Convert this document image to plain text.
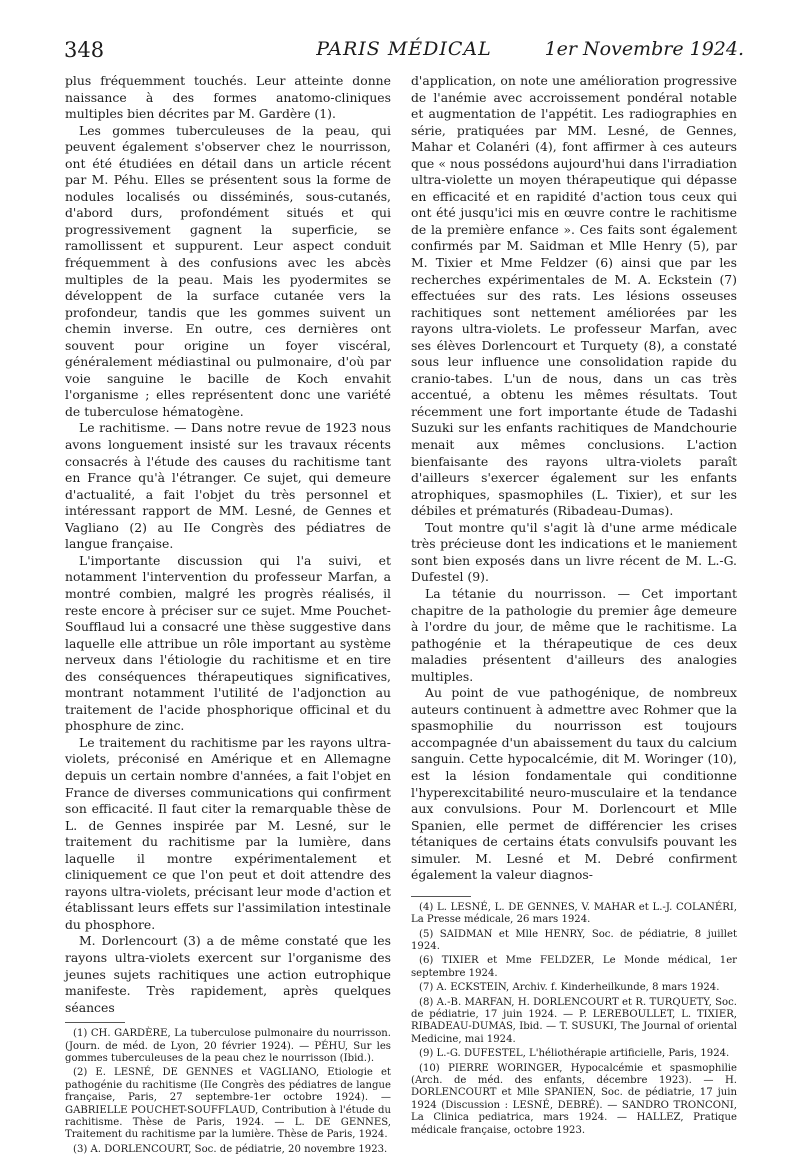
348	PARIS MÉDICAL	1er Novembre 1924.

plus fréquemment touchés. Leur atteinte donne naissance à des formes anatomo-cliniques multiples bien décrites par M. Gardère (1).

Les gommes tuberculeuses de la peau, qui peuvent également s'observer chez le nourrisson, ont été étudiées en détail dans un article récent par M. Péhu. Elles se présentent sous la forme de nodules localisés ou disséminés, sous-cutanés, d'abord durs, profondément situés et qui progressivement gagnent la superficie, se ramollissent et suppurent. Leur aspect conduit fréquemment à des confusions avec les abcès multiples de la peau. Mais les pyodermites se développent de la surface cutanée vers la profondeur, tandis que les gommes suivent un chemin inverse. En outre, ces dernières ont souvent pour origine un foyer viscéral, généralement médiastinal ou pulmonaire, d'où par voie sanguine le bacille de Koch envahit l'organisme ; elles représentent donc une variété de tuberculose hématogène.

Le rachitisme. — Dans notre revue de 1923 nous avons longuement insisté sur les travaux récents consacrés à l'étude des causes du rachitisme tant en France qu'à l'étranger. Ce sujet, qui demeure d'actualité, a fait l'objet du très personnel et intéressant rapport de MM. Lesné, de Gennes et Vagliano (2) au IIe Congrès des pédiatres de langue française.

L'importante discussion qui l'a suivi, et notamment l'intervention du professeur Marfan, a montré combien, malgré les progrès réalisés, il reste encore à préciser sur ce sujet. Mme Pouchet-Soufflaud lui a consacré une thèse suggestive dans laquelle elle attribue un rôle important au système nerveux dans l'étiologie du rachitisme et en tire des conséquences thérapeutiques significatives, montrant notamment l'utilité de l'adjonction au traitement de l'acide phosphorique officinal et du phosphure de zinc.

Le traitement du rachitisme par les rayons ultra-violets, préconisé en Amérique et en Allemagne depuis un certain nombre d'années, a fait l'objet en France de diverses communications qui confirment son efficacité. Il faut citer la remarquable thèse de L. de Gennes inspirée par M. Lesné, sur le traitement du rachitisme par la lumière, dans laquelle il montre expérimentalement et cliniquement ce que l'on peut et doit attendre des rayons ultra-violets, précisant leur mode d'action et établissant leurs effets sur l'assimilation intestinale du phosphore.

M. Dorlencourt (3) a de même constaté que les rayons ultra-violets exercent sur l'organisme des jeunes sujets rachitiques une action eutrophique manifeste. Très rapidement, après quelques séances

(1) CH. GARDÈRE, La tuberculose pulmonaire du nourrisson. (Journ. de méd. de Lyon, 20 février 1924). — PÉHU, Sur les gommes tuberculeuses de la peau chez le nourrisson (Ibid.).

(2) E. LESNÉ, DE GENNES et VAGLIANO, Etiologie et pathogénie du rachitisme (IIe Congrès des pédiatres de langue française, Paris, 27 septembre-1er octobre 1924). — GABRIELLE POUCHET-SOUFFLAUD, Contribution à l'étude du rachitisme. Thèse de Paris, 1924. — L. DE GENNES, Traitement du rachitisme par la lumière. Thèse de Paris, 1924.

(3) A. DORLENCOURT, Soc. de pédiatrie, 20 novembre 1923.

d'application, on note une amélioration progressive de l'anémie avec accroissement pondéral notable et augmentation de l'appétit. Les radiographies en série, pratiquées par MM. Lesné, de Gennes, Mahar et Colanéri (4), font affirmer à ces auteurs que « nous possédons aujourd'hui dans l'irradiation ultra-violette un moyen thérapeutique qui dépasse en efficacité et en rapidité d'action tous ceux qui ont été jusqu'ici mis en œuvre contre le rachitisme de la première enfance ». Ces faits sont également confirmés par M. Saidman et Mlle Henry (5), par M. Tixier et Mme Feldzer (6) ainsi que par les recherches expérimentales de M. A. Eckstein (7) effectuées sur des rats. Les lésions osseuses rachitiques sont nettement améliorées par les rayons ultra-violets. Le professeur Marfan, avec ses élèves Dorlencourt et Turquety (8), a constaté sous leur influence une consolidation rapide du cranio-tabes. L'un de nous, dans un cas très accentué, a obtenu les mêmes résultats. Tout récemment une fort importante étude de Tadashi Suzuki sur les enfants rachitiques de Mandchourie menait aux mêmes conclusions. L'action bienfaisante des rayons ultra-violets paraît d'ailleurs s'exercer également sur les enfants atrophiques, spasmophiles (L. Tixier), et sur les débiles et prématurés (Ribadeau-Dumas).

Tout montre qu'il s'agit là d'une arme médicale très précieuse dont les indications et le maniement sont bien exposés dans un livre récent de M. L.-G. Dufestel (9).

La tétanie du nourrisson. — Cet important chapitre de la pathologie du premier âge demeure à l'ordre du jour, de même que le rachitisme. La pathogénie et la thérapeutique de ces deux maladies présentent d'ailleurs des analogies multiples.

Au point de vue pathogénique, de nombreux auteurs continuent à admettre avec Rohmer que la spasmophilie du nourrisson est toujours accompagnée d'un abaissement du taux du calcium sanguin. Cette hypocalcémie, dit M. Woringer (10), est la lésion fondamentale qui conditionne l'hyperexcitabilité neuro-musculaire et la tendance aux convulsions. Pour M. Dorlencourt et Mlle Spanien, elle permet de différencier les crises tétaniques de certains états convulsifs pouvant les simuler. M. Lesné et M. Debré confirment également la valeur diagnos-

(4) L. LESNÉ, L. DE GENNES, V. MAHAR et L.-J. COLANÉRI, La Presse médicale, 26 mars 1924.

(5) SAIDMAN et Mlle HENRY, Soc. de pédiatrie, 8 juillet 1924.

(6) TIXIER et Mme FELDZER, Le Monde médical, 1er septembre 1924.

(7) A. ECKSTEIN, Archiv. f. Kinderheilkunde, 8 mars 1924.

(8) A.-B. MARFAN, H. DORLENCOURT et R. TURQUETY, Soc. de pédiatrie, 17 juin 1924. — P. LEREBOULLET, L. TIXIER, RIBADEAU-DUMAS, Ibid. — T. SUSUKI, The Journal of oriental Medicine, mai 1924.

(9) L.-G. DUFESTEL, L'héliothérapie artificielle, Paris, 1924.

(10) PIERRE WORINGER, Hypocalcémie et spasmophilie (Arch. de méd. des enfants, décembre 1923). — H. DORLENCOURT et Mlle SPANIEN, Soc. de pédiatrie, 17 juin 1924 (Discussion : LESNÉ, DEBRÉ). — SANDRO TRONCONI, La Clinica pediatrica, mars 1924. — HALLEZ, Pratique médicale française, octobre 1923.
